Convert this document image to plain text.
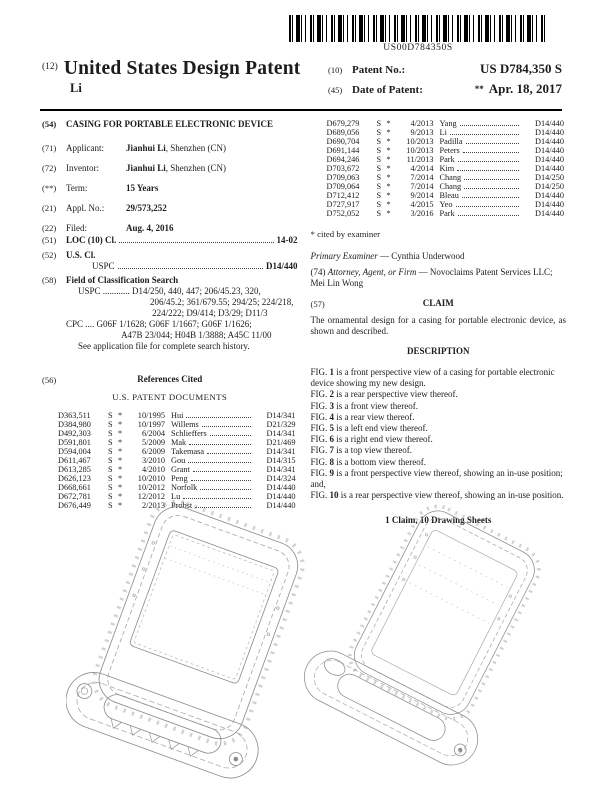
US00D784350S
$^{(12)}$ United States Design Patent
Li
(10) Patent No.:	US D784,350 S
(45) Date of Patent:	** Apr. 18, 2017
(54)	CASING FOR PORTABLE ELECTRONIC DEVICE
(71)	Applicant:	Jianhui Li, Shenzhen (CN)
(72)	Inventor:	Jianhui Li, Shenzhen (CN)
(**)	Term:	15 Years
(21)	Appl. No.:	29/573,252
(22)	Filed:	Aug. 4, 2016
(51)	LOC (10) Cl.	14-02
(52)	U.S. Cl.
USPC	D14/440
(58)	Field of Classification Search
USPC ............ D14/250, 440, 447; 206/45.23, 320,
206/45.2; 361/679.55; 294/25; 224/218,
224/222; D9/414; D3/29; D11/3
CPC .... G06F 1/1628; G06F 1/1667; G06F 1/1626;
A47B 23/044; H04B 1/3888; A45C 11/00
See application file for complete search history.
(56)	References Cited
U.S. PATENT DOCUMENTS
D363,511	S *	10/1995 Hui	D14/341
D384,980	S *	10/1997 Willems	D21/329
D492,303	S *	6/2004 Schlieffers	D14/341
D591,801	S *	5/2009 Mak	D21/469
D594,004	S *	6/2009 Takemasa	D14/341
D611,467	S *	3/2010 Gou	D14/315
D613,285	S *	4/2010 Grant	D14/341
D626,123	S *	10/2010 Peng	D14/324
D668,661	S *	10/2012 Norfolk	D14/440
D672,781	S *	12/2012 Lu	D14/440
D676,449	S *	2/2013 Probst	D14/440
D679,279	S *	4/2013 Yang	D14/440
D689,056	S *	9/2013 Li	D14/440
D690,704	S *	10/2013 Padilla	D14/440
D691,144	S *	10/2013 Peters	D14/440
D694,246	S *	11/2013 Park	D14/440
D703,672	S *	4/2014 Kim	D14/440
D709,063	S *	7/2014 Chang	D14/250
D709,064	S *	7/2014 Chang	D14/250
D712,412	S *	9/2014 Bleau	D14/440
D727,917	S *	4/2015 Yeo	D14/440
D752,052	S *	3/2016 Park	D14/440
* cited by examiner
Primary Examiner — Cynthia Underwood
(74) Attorney, Agent, or Firm — Novoclaims Patent Services LLC; Mei Lin Wong
(57)	CLAIM
The ornamental design for a casing for portable electronic device, as shown and described.
DESCRIPTION
FIG. 1 is a front perspective view of a casing for portable electronic device showing my new design.
FIG. 2 is a rear perspective view thereof.
FIG. 3 is a front view thereof.
FIG. 4 is a rear view thereof.
FIG. 5 is a left end view thereof.
FIG. 6 is a right end view thereof.
FIG. 7 is a top view thereof.
FIG. 8 is a bottom view thereof.
FIG. 9 is a front perspective view thereof, showing an in-use position; and,
FIG. 10 is a rear perspective view thereof, showing an in-use position.
1 Claim, 10 Drawing Sheets
